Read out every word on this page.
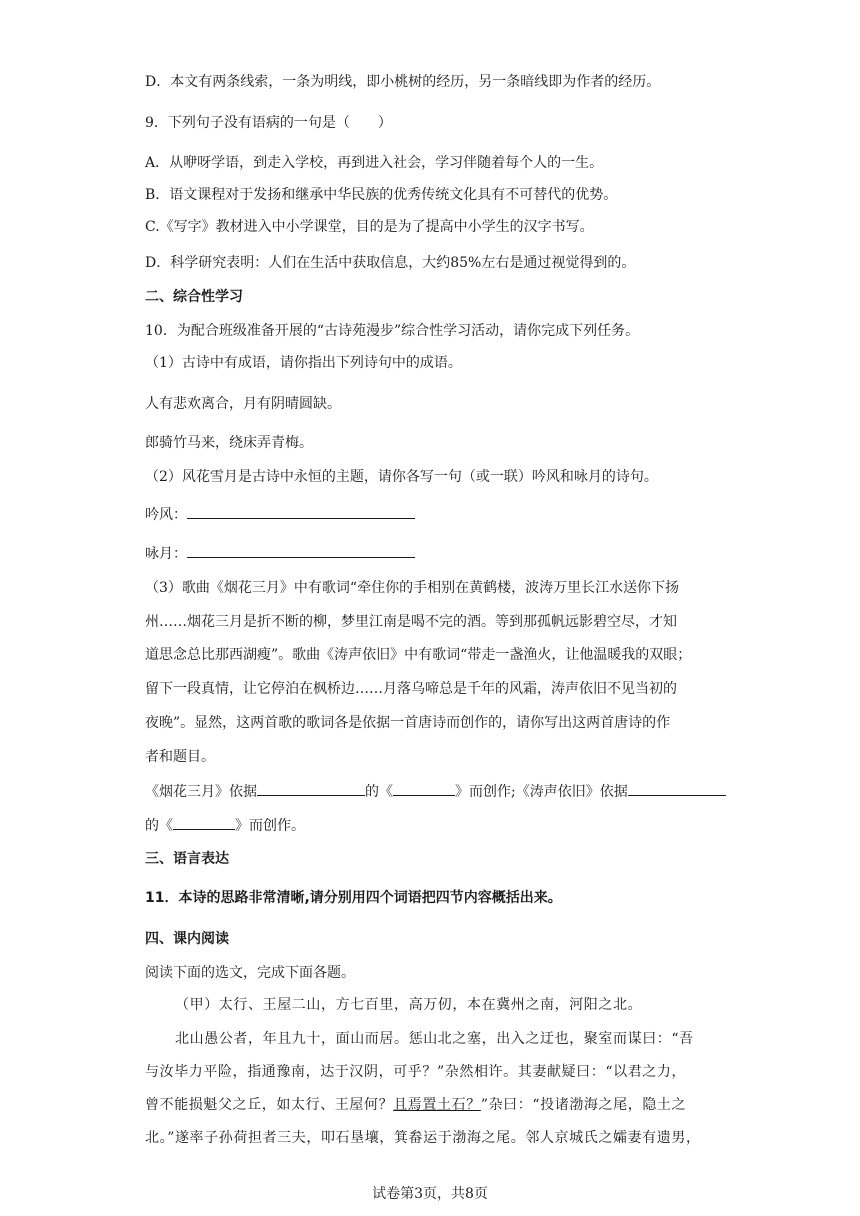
D．本文有两条线索，一条为明线，即小桃树的经历，另一条暗线即为作者的经历。
9．下列句子没有语病的一句是（　　）
A．从咿呀学语，到走入学校，再到进入社会，学习伴随着每个人的一生。
B．语文课程对于发扬和继承中华民族的优秀传统文化具有不可替代的优势。
C.《写字》教材进入中小学课堂，目的是为了提高中小学生的汉字书写。
D．科学研究表明：人们在生活中获取信息，大约85%左右是通过视觉得到的。
二、综合性学习
10．为配合班级准备开展的“古诗苑漫步”综合性学习活动，请你完成下列任务。
（1）古诗中有成语，请你指出下列诗句中的成语。
人有悲欢离合，月有阴晴圆缺。
郎骑竹马来，绕床弄青梅。
（2）风花雪月是古诗中永恒的主题，请你各写一句（或一联）吟风和咏月的诗句。
吟风：
咏月：
（3）歌曲《烟花三月》中有歌词“牵住你的手相别在黄鹤楼，波涛万里长江水送你下扬
州……烟花三月是折不断的柳，梦里江南是喝不完的酒。等到那孤帆远影碧空尽，才知
道思念总比那西湖瘦”。歌曲《涛声依旧》中有歌词“带走一盏渔火，让他温暖我的双眼；
留下一段真情，让它停泊在枫桥边……月落乌啼总是千年的风霜，涛声依旧不见当初的
夜晚”。显然，这两首歌的歌词各是依据一首唐诗而创作的，请你写出这两首唐诗的作
者和题目。
《烟花三月》依据	的《	》而创作;《涛声依旧》依据
的《	》而创作。
三、语言表达
11．本诗的思路非常清晰,请分别用四个词语把四节内容概括出来。
四、课内阅读
阅读下面的选文，完成下面各题。
（甲）太行、王屋二山，方七百里，高万仞，本在冀州之南，河阳之北。
北山愚公者，年且九十，面山而居。惩山北之塞，出入之迂也，聚室而谋曰：“吾
与汝毕力平险，指通豫南，达于汉阴，可乎？”杂然相许。其妻献疑曰：“以君之力，
曾不能损魁父之丘，如太行、王屋何？且焉置土石？”杂曰：“投诸渤海之尾，隐土之
北。”遂率子孙荷担者三夫，叩石垦壤，箕畚运于渤海之尾。邻人京城氏之孀妻有遗男，
试卷第3页，共8页
